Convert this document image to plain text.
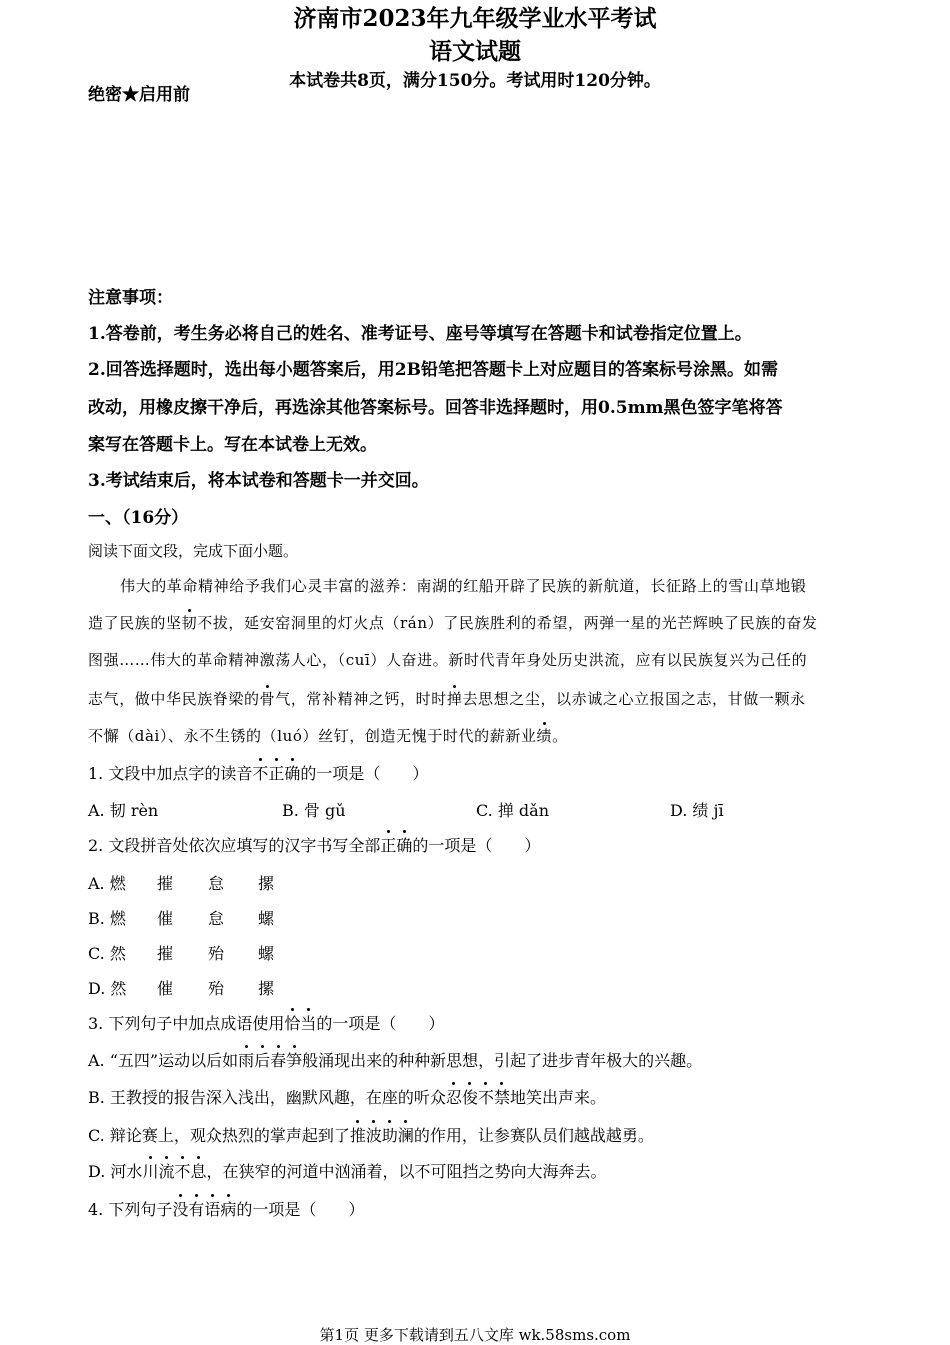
绝密★启用前
济南市2023年九年级学业水平考试
语文试题
本试卷共8页，满分150分。考试用时120分钟。
注意事项：
1.答卷前，考生务必将自己的姓名、准考证号、座号等填写在答题卡和试卷指定位置上。
2.回答选择题时，选出每小题答案后，用2B铅笔把答题卡上对应题目的答案标号涂黑。如需
改动，用橡皮擦干净后，再选涂其他答案标号。回答非选择题时，用0.5mm黑色签字笔将答
案写在答题卡上。写在本试卷上无效。
3.考试结束后，将本试卷和答题卡一并交回。
一、（16分）
阅读下面文段，完成下面小题。
伟大的革命精神给予我们心灵丰富的滋养：南湖的红船开辟了民族的新航道，长征路上的雪山草地锻
造了民族的坚韧不拔，延安窑洞里的灯火点（rán）了民族胜利的希望，两弹一星的光芒辉映了民族的奋发
图强……伟大的革命精神激荡人心，（cuī）人奋进。新时代青年身处历史洪流，应有以民族复兴为己任的
志气，做中华民族脊梁的骨气，常补精神之钙，时时掸去思想之尘，以赤诚之心立报国之志，甘做一颗永
不懈（dài）、永不生锈的（luó）丝钉，创造无愧于时代的薪新业绩。
1. 文段中加点字的读音不正确的一项是（　　）
A. 韧 rèn	B. 骨 gǔ	C. 掸 dǎn	D. 绩 jī
2. 文段拼音处依次应填写的汉字书写全部正确的一项是（　　）
A. 燃 摧 怠 摞
B. 燃 催 怠 螺
C. 然 摧 殆 螺
D. 然 催 殆 摞
3. 下列句子中加点成语使用恰当的一项是（　　）
A. “五四”运动以后如雨后春笋般涌现出来的种种新思想，引起了进步青年极大的兴趣。
B. 王教授的报告深入浅出，幽默风趣，在座的听众忍俊不禁地笑出声来。
C. 辩论赛上，观众热烈的掌声起到了推波助澜的作用，让参赛队员们越战越勇。
D. 河水川流不息，在狭窄的河道中汹涌着，以不可阻挡之势向大海奔去。
4. 下列句子没有语病的一项是（　　）
第1页 更多下载请到五八文库 wk.58sms.com
